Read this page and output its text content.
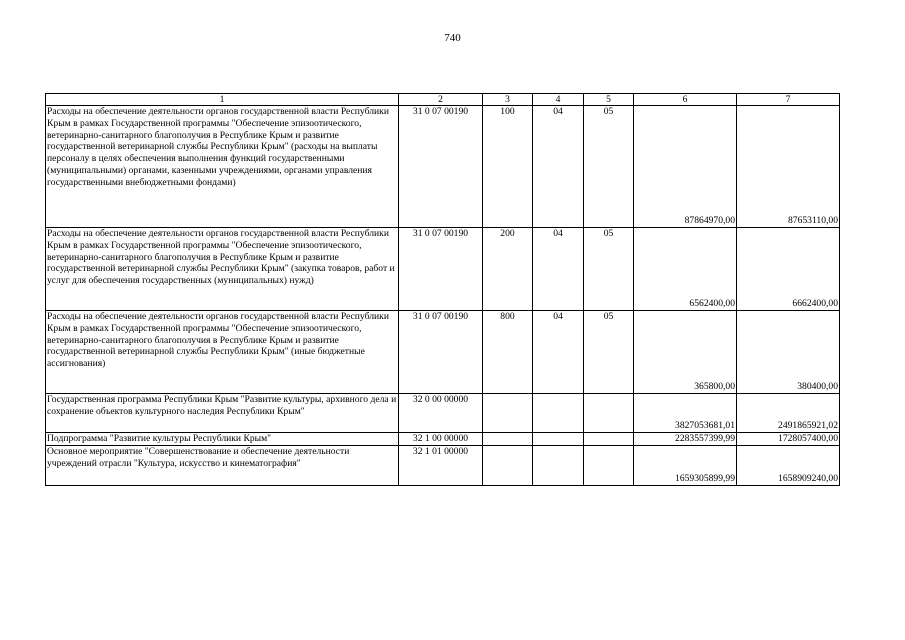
740
1	2	3	4	5	6	7
Расходы на обеспечение деятельности органов государственной власти Республики Крым в рамках Государственной программы "Обеспечение эпизоотического, ветеринарно-санитарного благополучия в Республике Крым и развитие государственной ветеринарной службы Республики Крым" (расходы на выплаты персоналу в целях обеспечения выполнения функций государственными (муниципальными) органами, казенными учреждениями, органами управления государственными внебюджетными фондами)	31 0 07 00190	100	04	05	87864970,00	87653110,00
Расходы на обеспечение деятельности органов государственной власти Республики Крым в рамках Государственной программы "Обеспечение эпизоотического, ветеринарно-санитарного благополучия в Республике Крым и развитие государственной ветеринарной службы Республики Крым" (закупка товаров, работ и услуг для обеспечения государственных (муниципальных) нужд)	31 0 07 00190	200	04	05	6562400,00	6662400,00
Расходы на обеспечение деятельности органов государственной власти Республики Крым в рамках Государственной программы "Обеспечение эпизоотического, ветеринарно-санитарного благополучия в Республике Крым и развитие государственной ветеринарной службы Республики Крым" (иные бюджетные ассигнования)	31 0 07 00190	800	04	05	365800,00	380400,00
Государственная программа Республики Крым "Развитие культуры, архивного дела и сохранение объектов культурного наследия Республики Крым"	32 0 00 00000				3827053681,01	2491865921,02
Подпрограмма "Развитие культуры Республики Крым"	32 1 00 00000				2283557399,99	1728057400,00
Основное мероприятие "Совершенствование и обеспечение деятельности учреждений отрасли "Культура, искусство и кинематография"	32 1 01 00000				1659305899,99	1658909240,00
